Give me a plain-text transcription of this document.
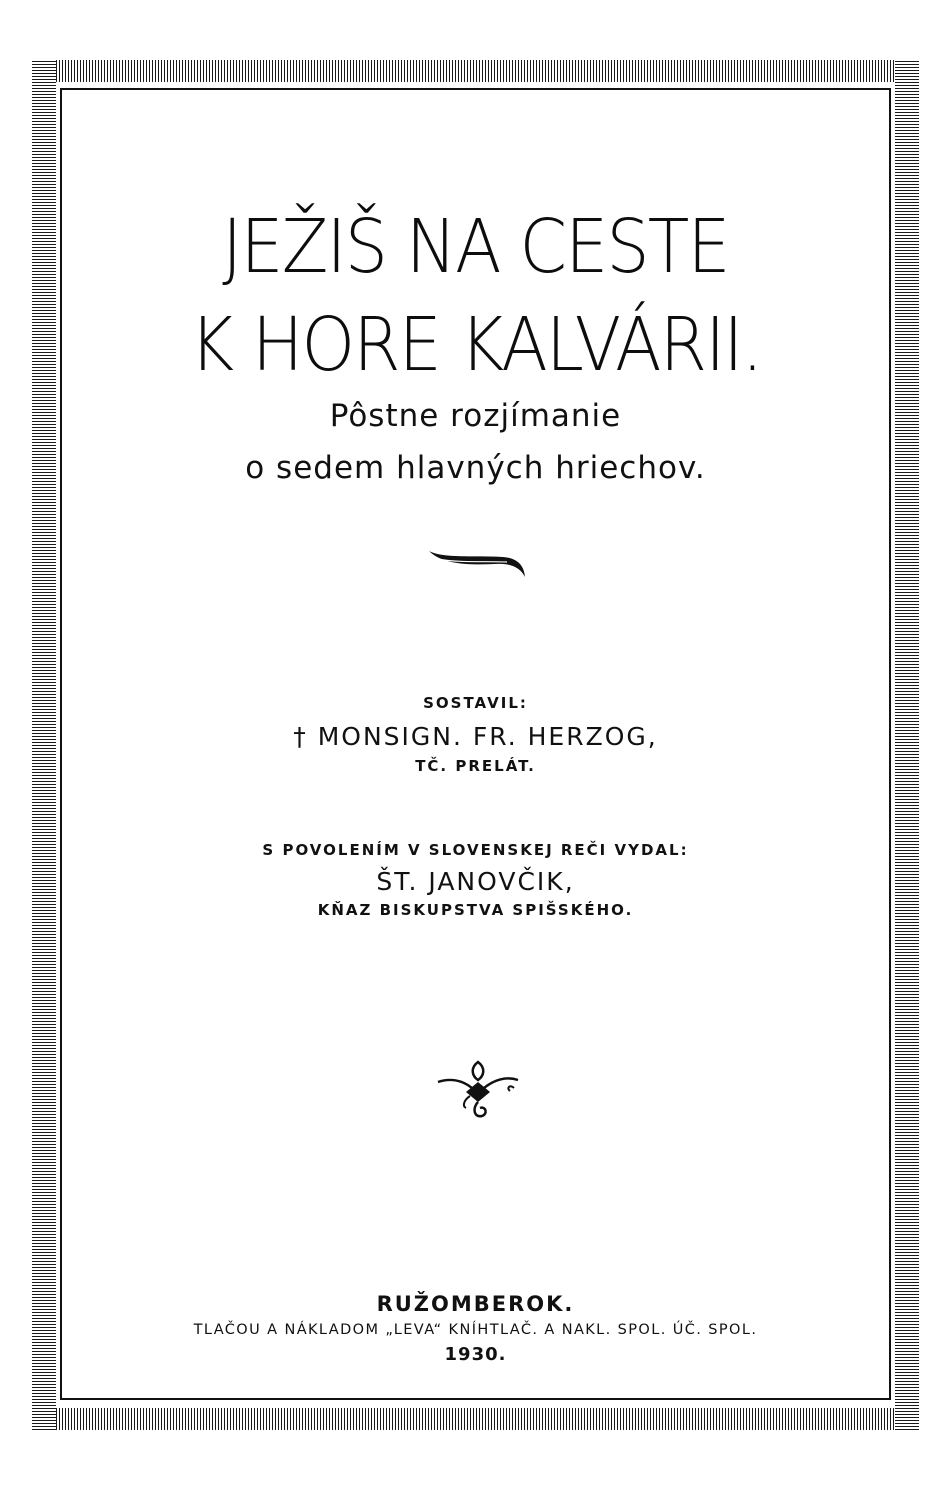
JEŽIŠ NA CESTE
K HORE KALVÁRII.
Pôstne rozjímanie
o sedem hlavných hriechov.
SOSTAVIL:
† MONSIGN. FR. HERZOG,
TČ. PRELÁT.
S POVOLENÍM V SLOVENSKEJ REČI VYDAL:
ŠT. JANOVČIK,
KŇAZ BISKUPSTVA SPIŠSKÉHO.
RUŽOMBEROK.
TLAČOU A NÁKLADOM „LEVA“ KNÍHTLAČ. A NAKL. SPOL. ÚČ. SPOL.
1930.
